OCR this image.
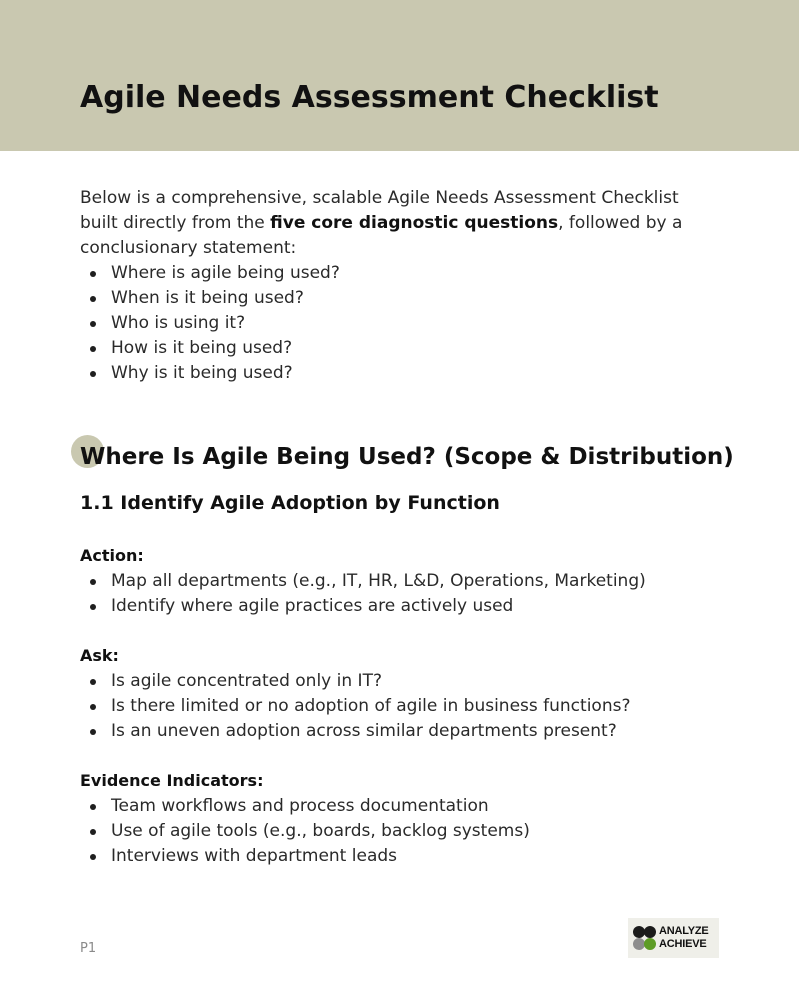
Agile Needs Assessment Checklist

Below is a comprehensive, scalable Agile Needs Assessment Checklist built directly from the five core diagnostic questions, followed by a conclusionary statement:

Where is agile being used?
When is it being used?
Who is using it?
How is it being used?
Why is it being used?
Where Is Agile Being Used? (Scope & Distribution)
1.1 Identify Agile Adoption by Function

Action:

Map all departments (e.g., IT, HR, L&D, Operations, Marketing)
Identify where agile practices are actively used

Ask:

Is agile concentrated only in IT?
Is there limited or no adoption of agile in business functions?
Is an uneven adoption across similar departments present?

Evidence Indicators:

Team workflows and process documentation
Use of agile tools (e.g., boards, backlog systems)
Interviews with department leads
P1
ANALYZE
ACHIEVE
